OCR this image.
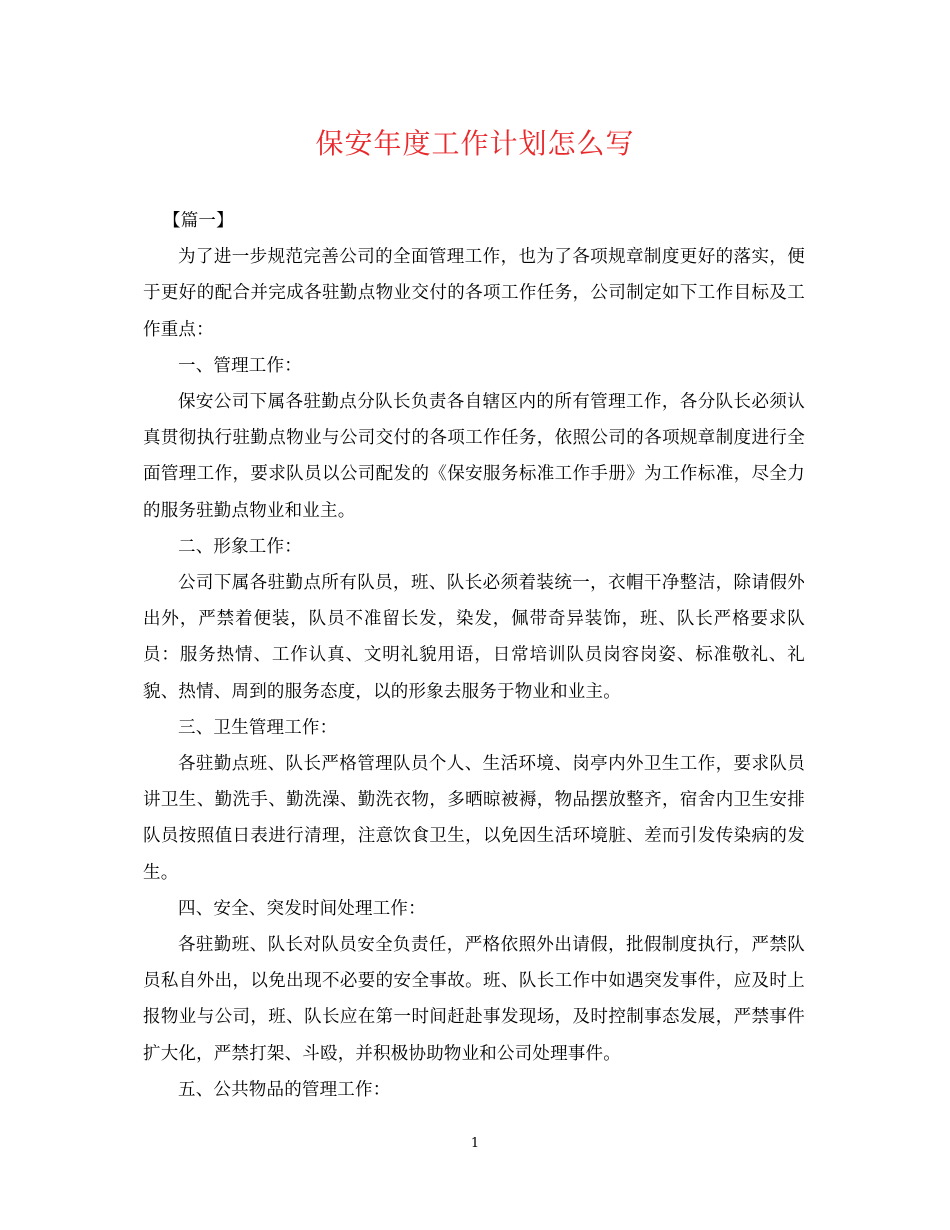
保安年度工作计划怎么写

【篇一】

为了进一步规范完善公司的全面管理工作，也为了各项规章制度更好的落实，便于更好的配合并完成各驻勤点物业交付的各项工作任务，公司制定如下工作目标及工作重点：

一、管理工作：

保安公司下属各驻勤点分队长负责各自辖区内的所有管理工作，各分队长必须认真贯彻执行驻勤点物业与公司交付的各项工作任务，依照公司的各项规章制度进行全面管理工作，要求队员以公司配发的《保安服务标准工作手册》为工作标准，尽全力的服务驻勤点物业和业主。

二、形象工作：

公司下属各驻勤点所有队员，班、队长必须着装统一，衣帽干净整洁，除请假外出外，严禁着便装，队员不准留长发，染发，佩带奇异装饰，班、队长严格要求队员：服务热情、工作认真、文明礼貌用语，日常培训队员岗容岗姿、标准敬礼、礼貌、热情、周到的服务态度，以的形象去服务于物业和业主。

三、卫生管理工作：

各驻勤点班、队长严格管理队员个人、生活环境、岗亭内外卫生工作，要求队员讲卫生、勤洗手、勤洗澡、勤洗衣物，多晒晾被褥，物品摆放整齐，宿舍内卫生安排队员按照值日表进行清理，注意饮食卫生，以免因生活环境脏、差而引发传染病的发生。

四、安全、突发时间处理工作：

各驻勤班、队长对队员安全负责任，严格依照外出请假，批假制度执行，严禁队员私自外出，以免出现不必要的安全事故。班、队长工作中如遇突发事件，应及时上报物业与公司，班、队长应在第一时间赶赴事发现场，及时控制事态发展，严禁事件扩大化，严禁打架、斗殴，并积极协助物业和公司处理事件。

五、公共物品的管理工作：

1
